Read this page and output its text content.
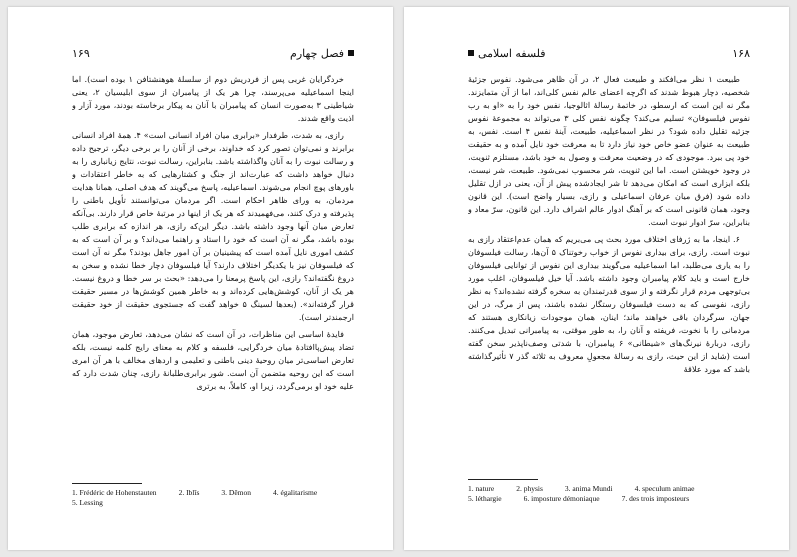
فصل چهارم
۱۶۹

خردگرایان غربی پس از فردریش دوم از سلسلهٔ هوهنشتافن ۱ بوده است). اما اینجا اسماعیلیه می‌پرسند، چرا هر یک از پیامبران از سوی ابلیسیان ۲، یعنی شیاطینی ۳ به‌صورت انسان که پیامبران با آنان به پیکار برخاسته بودند، مورد آزار و اذیت واقع شدند.

رازی، به شدت، طرفدار «برابری میان افراد انسانی است» ۴. همهٔ افراد انسانی برابرند و نمی‌توان تصور کرد که خداوند، برخی از آنان را بر برخی دیگر، ترجیح داده و رسالت نبوت را به آنان واگذاشته باشد. بنابراین، رسالت نبوت، نتایج زیانباری را به دنبال خواهد داشت که عبارت‌اند از جنگ و کشتارهایی که به خاطر اعتقادات و باورهای پوچ انجام می‌شوند. اسماعیلیه، پاسخ می‌گویند که هدف اصلی، همانا هدایت مردمان، به ورای ظاهر احکام است. اگر مردمان می‌توانستند تأویل باطنی را پذیرفته و درک کنند، می‌فهمیدند که هر یک از اینها در مرتبهٔ خاص قرار دارند. بی‌آنکه تعارض میان آنها وجود داشته باشد. دیگر این‌که رازی، هر اندازه که برابری طلب بوده باشد، مگر نه آن است که خود را استاد و راهنما می‌داند؟ و بر آن است که به کشف اموری نایل آمده است که پیشینیان بر آن امور جاهل بودند؟ مگر نه آن است که فیلسوفان نیز با یکدیگر اختلاف دارند؟ آیا فیلسوفان دچار خطا نشده و سخن به دروغ نگفته‌اند؟ رازی، این پاسخ پرمعنا را می‌دهد: «بحث بر سر خطا و دروغ نیست. هر یک از آنان، کوشش‌هایی کرده‌اند و به خاطر همین کوشش‌ها در مسیر حقیقت قرار گرفته‌اند». (بعدها لسینگ ۵ خواهد گفت که جستجوی حقیقت از خود حقیقت ارجمندتر است).

فایدهٔ اساسی این مناظرات، در آن است که نشان می‌دهد، تعارض موجود، همان تضاد پیش‌پاافتادهٔ میان خردگرایی، فلسفه و کلام به معنای رایج کلمه نیست، بلکه تعارض اساسی‌تر میان روحیهٔ دینی باطنی و تعلیمی و اردهای مخالف با هر آن امری است که این روحیه متضمن آن است. شور برابری‌طلبانهٔ رازی، چنان شدت دارد که علیه خود او برمی‌گردد، زیرا او، کاملاً، به برتری

1. Frédéric de Hohenstauten	2. Iblîs	3. Dêmon	4. égalitarisme
5. Lessing
۱۶۸
فلسفه اسلامی

طبیعت ۱ نظر می‌افکند و طبیعت فعال ۲، در آن ظاهر می‌شود. نفوس جزئیهٔ شخصیه، دچار هبوط شدند که اگرچه اعضای عالم نفس کلی‌اند، اما از آن متمایزند. مگر نه این است که ارسطو، در خاتمهٔ رسالهٔ اثالوجیا، نفس خود را به «او به رب نفوس فیلسوفان» تسلیم می‌کند؟ چگونه نفس کلی ۳ می‌تواند به مجموعهٔ نفوس جزئیه تقلیل داده شود؟ در نظر اسماعیلیه، طبیعت، آینهٔ نفس ۴ است. نفس، به طبیعت به عنوان عضو خاص خود نیاز دارد تا به معرفت خود نایل آمده و به حقیقت خود پی ببرد. موجودی که در وضعیت معرفت و وصول به خود باشد، مستلزم ثنویت، در وجود خویشتن است. اما این ثنویت، شر محسوب نمی‌شود. طبیعت، شر نیست، بلکه ابزاری است که امکان می‌دهد تا شر ایجادشده پیش از آن، یعنی در ازل تقلیل داده شود (فرق میان عرفان اسماعیلی و رازی، بسیار واضح است). این قانون وجود، همان قانونی است که بر آهنگ ادوار عالم اشراف دارد. این قانون، سرّ معاد و بنابراین، سرّ ادوار نبوت است.

۶. اینجا، ما به ژرفای اختلاف مورد بحث پی می‌بریم که همان عدم‌اعتقاد رازی به نبوت است. رازی، برای بیداری نفوس از خواب رخوتناک ۵ آن‌ها، رسالت فیلسوفان را به یاری می‌طلبد، اما اسماعیلیه می‌گویند بیداری این نفوس از توانایی فیلسوفان خارج است و باید کلام پیامبران وجود داشته باشد. آیا خیل فیلسوفان، اغلب مورد بی‌توجهی مردم قرار نگرفته و از سوی قدرتمندان به سخره گرفته نشده‌اند؟ به نظر رازی، نفوسی که به دست فیلسوفان رستگار نشده باشند، پس از مرگ، در این جهان، سرگردان باقی خواهند ماند؛ اینان، همان موجودات زیانکاری هستند که مردمانی را با نخوت، فریفته و آنان را، به طور موقتی، به پیامبرانی تبدیل می‌کنند. رازی، دربارهٔ نیرنگ‌های «شیطانی» ۶ پیامبران، با شدتی وصف‌ناپذیر سخن گفته است (شاید از این حیث، رازی به رسالهٔ مجعولِ معروف به ثلاثه گذر ۷ تأثیرگذاشته باشد که مورد علاقهٔ

1. nature	2. physis	3. anima Mundi	4. speculum animae
5. léthargie	6. imposture démoniaque	7. des trois imposteurs
